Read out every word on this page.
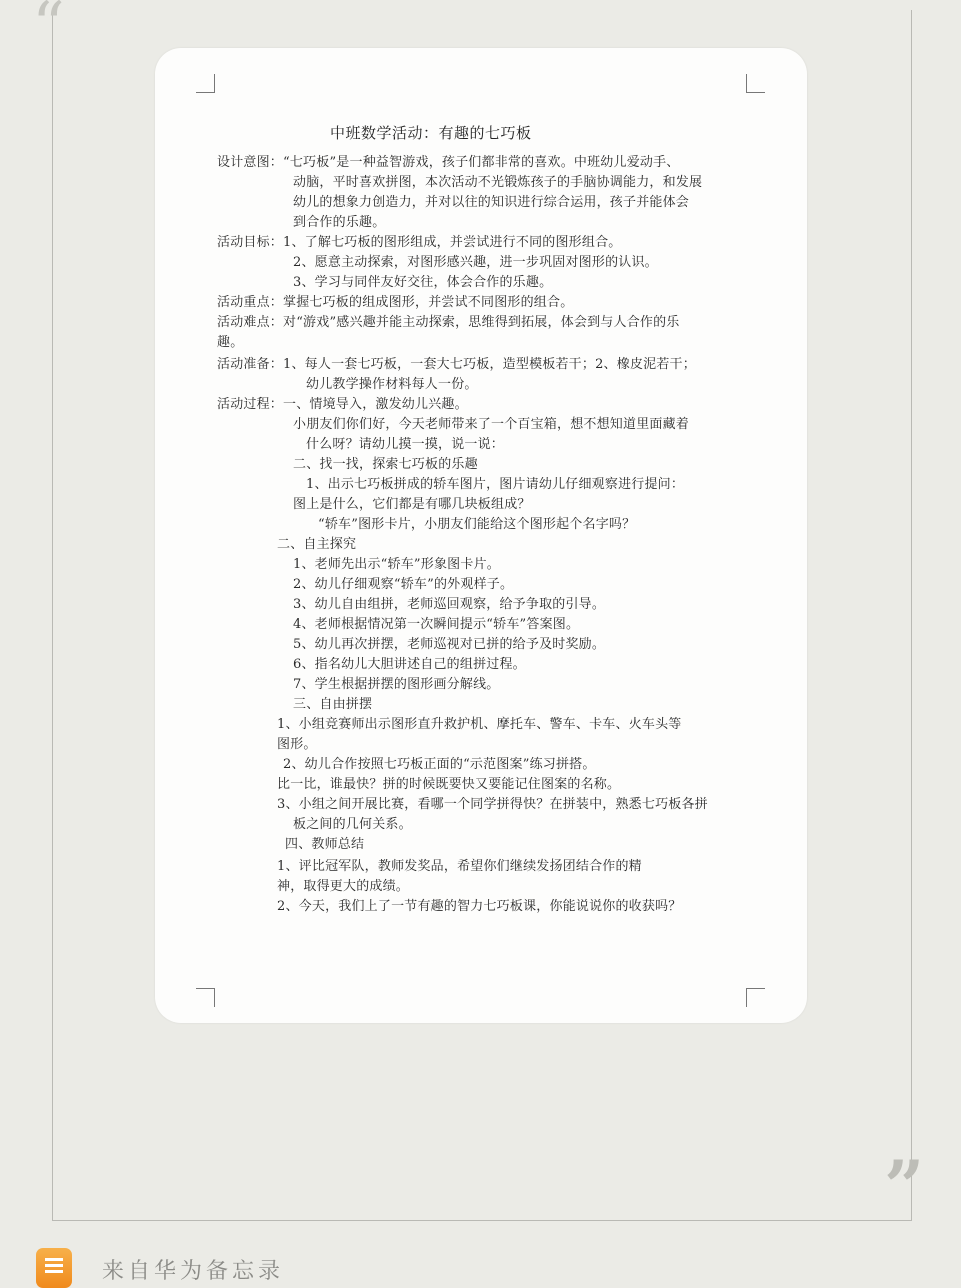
“
”
中班数学活动：有趣的七巧板
设计意图：“七巧板”是一种益智游戏，孩子们都非常的喜欢。中班幼儿爱动手、
动脑，平时喜欢拼图，本次活动不光锻炼孩子的手脑协调能力，和发展
幼儿的想象力创造力，并对以往的知识进行综合运用，孩子并能体会
到合作的乐趣。
活动目标：1、了解七巧板的图形组成，并尝试进行不同的图形组合。
2、愿意主动探索，对图形感兴趣，进一步巩固对图形的认识。
3、学习与同伴友好交往，体会合作的乐趣。
活动重点：掌握七巧板的组成图形，并尝试不同图形的组合。
活动难点：对“游戏”感兴趣并能主动探索，思维得到拓展，体会到与人合作的乐
趣。
活动准备：1、每人一套七巧板，一套大七巧板，造型模板若干；2、橡皮泥若干；
幼儿教学操作材料每人一份。
活动过程：一、情境导入，激发幼儿兴趣。
小朋友们你们好，今天老师带来了一个百宝箱，想不想知道里面藏着
什么呀？请幼儿摸一摸，说一说：
二、找一找，探索七巧板的乐趣
1、出示七巧板拼成的轿车图片，图片请幼儿仔细观察进行提问：
图上是什么，它们都是有哪几块板组成？
“轿车”图形卡片，小朋友们能给这个图形起个名字吗？
二、自主探究
1、老师先出示“轿车”形象图卡片。
2、幼儿仔细观察“轿车”的外观样子。
3、幼儿自由组拼，老师巡回观察，给予争取的引导。
4、老师根据情况第一次瞬间提示“轿车”答案图。
5、幼儿再次拼摆，老师巡视对已拼的给予及时奖励。
6、指名幼儿大胆讲述自己的组拼过程。
7、学生根据拼摆的图形画分解线。
三、自由拼摆
1、小组竞赛师出示图形直升救护机、摩托车、警车、卡车、火车头等
图形。
2、幼儿合作按照七巧板正面的“示范图案”练习拼搭。
比一比，谁最快？拼的时候既要快又要能记住图案的名称。
3、小组之间开展比赛，看哪一个同学拼得快？在拼装中，熟悉七巧板各拼
板之间的几何关系。
四、教师总结
1、评比冠军队，教师发奖品，希望你们继续发扬团结合作的精
神，取得更大的成绩。
2、今天，我们上了一节有趣的智力七巧板课，你能说说你的收获吗？
来自华为备忘录
